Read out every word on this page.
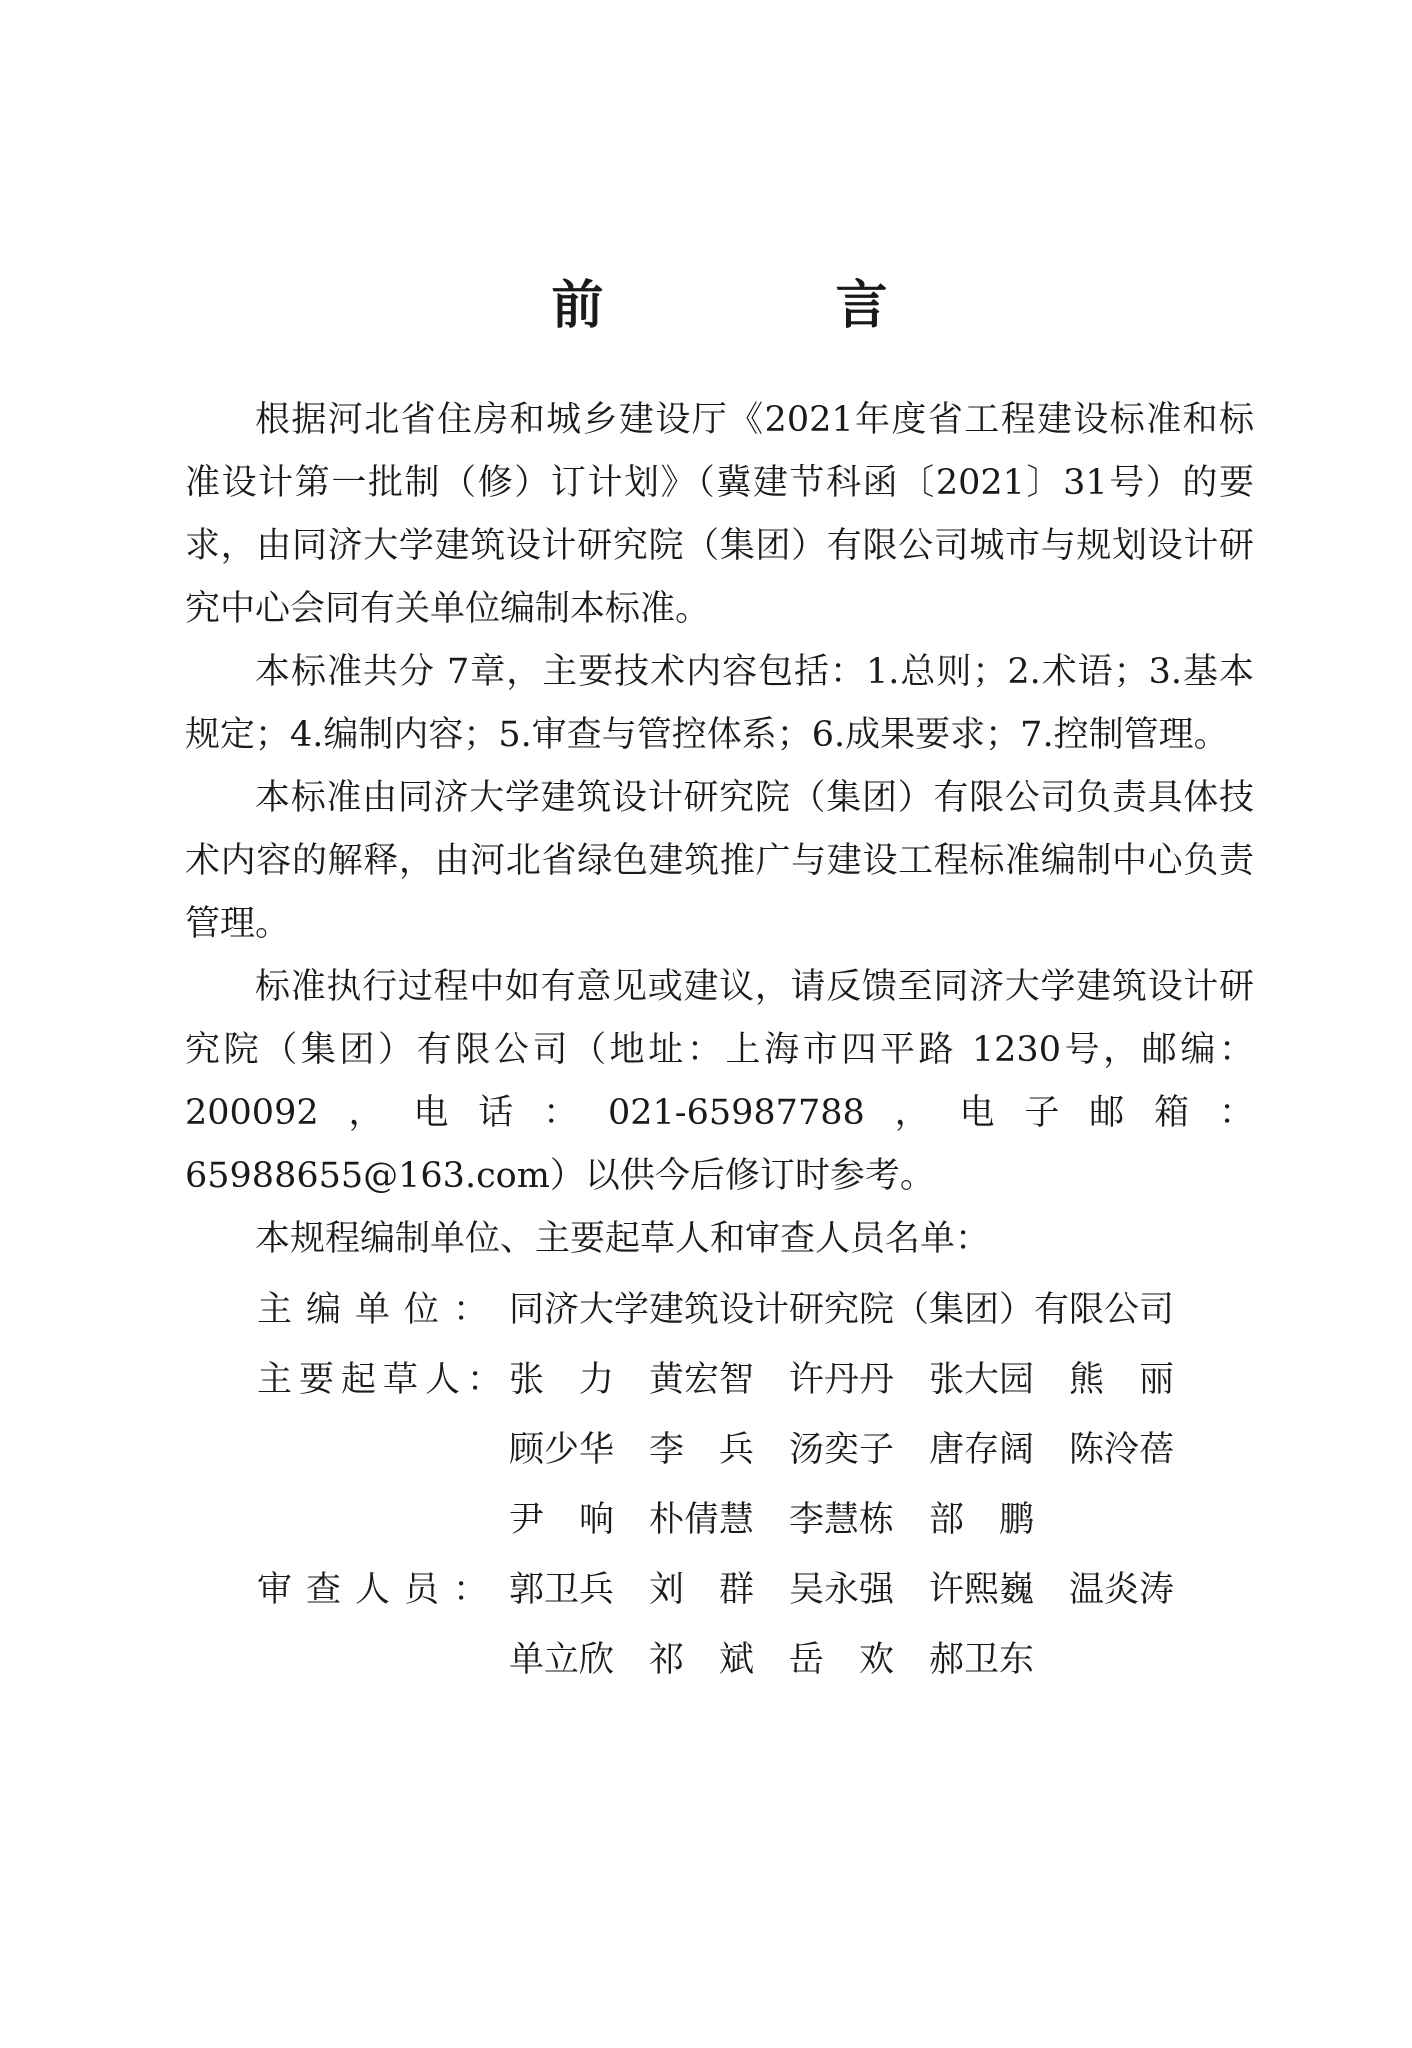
前　言

根据河北省住房和城乡建设厅《2021年度省工程建设标准和标准设计第一批制（修）订计划》（冀建节科函〔2021〕31号）的要求，由同济大学建筑设计研究院（集团）有限公司城市与规划设计研究中心会同有关单位编制本标准。

本标准共分 7章，主要技术内容包括：1.总则；2.术语；3.基本规定；4.编制内容；5.审查与管控体系；6.成果要求；7.控制管理。

本标准由同济大学建筑设计研究院（集团）有限公司负责具体技术内容的解释，由河北省绿色建筑推广与建设工程标准编制中心负责管理。

标准执行过程中如有意见或建议，请反馈至同济大学建筑设计研究院（集团）有限公司（地址：上海市四平路 1230号，邮编：200092，电话：021-65987788，电子邮箱：65988655@163.com）以供今后修订时参考。

本规程编制单位、主要起草人和审查人员名单：

主编单位： 同济大学建筑设计研究院（集团）有限公司
主要起草人： 张力 黄宏智 许丹丹 张大园 熊丽
顾少华 李兵 汤奕子 唐存阔 陈泠蓓
尹响 朴倩慧 李慧栋 部鹏
审查人员： 郭卫兵 刘群 吴永强 许熙巍 温炎涛
单立欣 祁斌 岳欢 郝卫东
